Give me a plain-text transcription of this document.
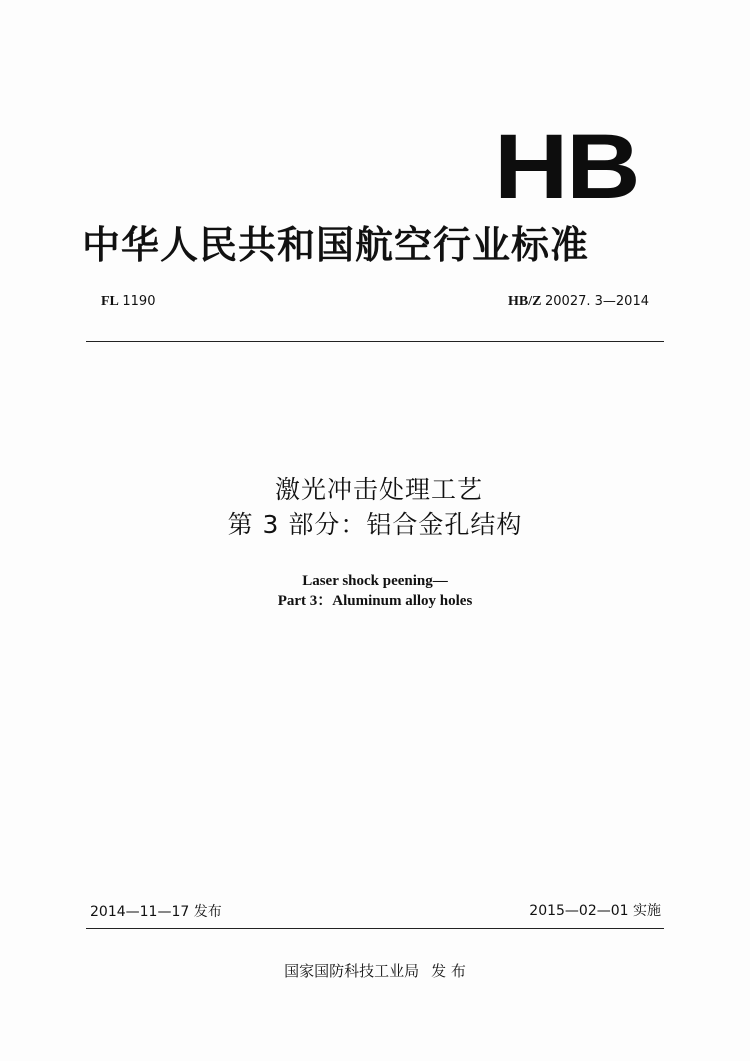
HB
中华人民共和国航空行业标准
FL 1190	HB/Z 20027. 3—2014
激光冲击处理工艺
第 3 部分：铝合金孔结构
Laser shock peening—
Part 3：Aluminum alloy holes
2014—11—17 发布	2015—02—01 实施
国家国防科技工业局 发 布
